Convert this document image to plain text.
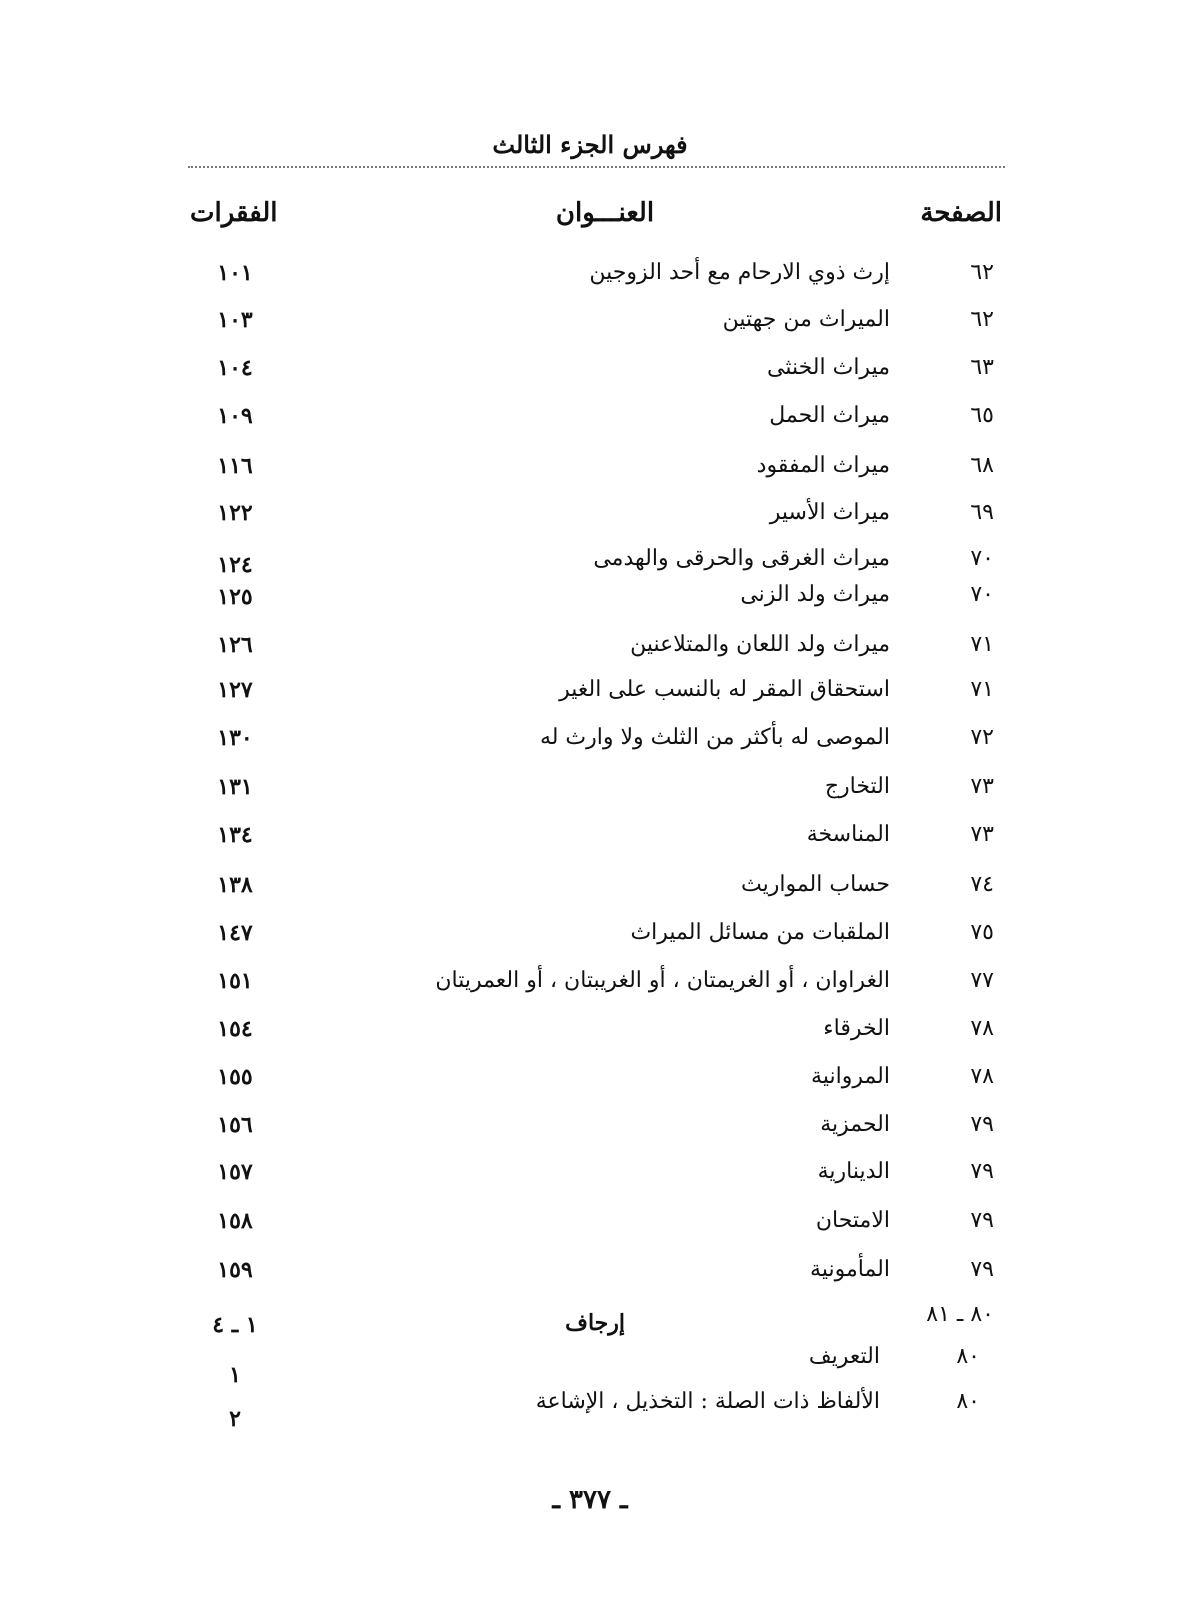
فهرس الجزء الثالث
الصفحة
العنـــوان
الفقرات
٦٢
إرث ذوي الارحام مع أحد الزوجين
١٠١
٦٢
الميراث من جهتين
١٠٣
٦٣
ميراث الخنثى
١٠٤
٦٥
ميراث الحمل
١٠٩
٦٨
ميراث المفقود
١١٦
٦٩
ميراث الأسير
١٢٢
٧٠
ميراث الغرقى والحرقى والهدمى
١٢٤
٧٠
ميراث ولد الزنى
١٢٥
٧١
ميراث ولد اللعان والمتلاعنين
١٢٦
٧١
استحقاق المقر له بالنسب على الغير
١٢٧
٧٢
الموصى له بأكثر من الثلث ولا وارث له
١٣٠
٧٣
التخارج
١٣١
٧٣
المناسخة
١٣٤
٧٤
حساب المواريث
١٣٨
٧٥
الملقبات من مسائل الميراث
١٤٧
٧٧
الغراوان ، أو الغريمتان ، أو الغريبتان ، أو العمريتان
١٥١
٧٨
الخرقاء
١٥٤
٧٨
المروانية
١٥٥
٧٩
الحمزية
١٥٦
٧٩
الدينارية
١٥٧
٧٩
الامتحان
١٥٨
٧٩
المأمونية
١٥٩
٨٠ ـ ٨١
إرجاف
١ ـ ٤
٨٠
التعريف
١
٨٠
الألفاظ ذات الصلة : التخذيل ، الإشاعة
٢
ـ ٣٧٧ ـ
